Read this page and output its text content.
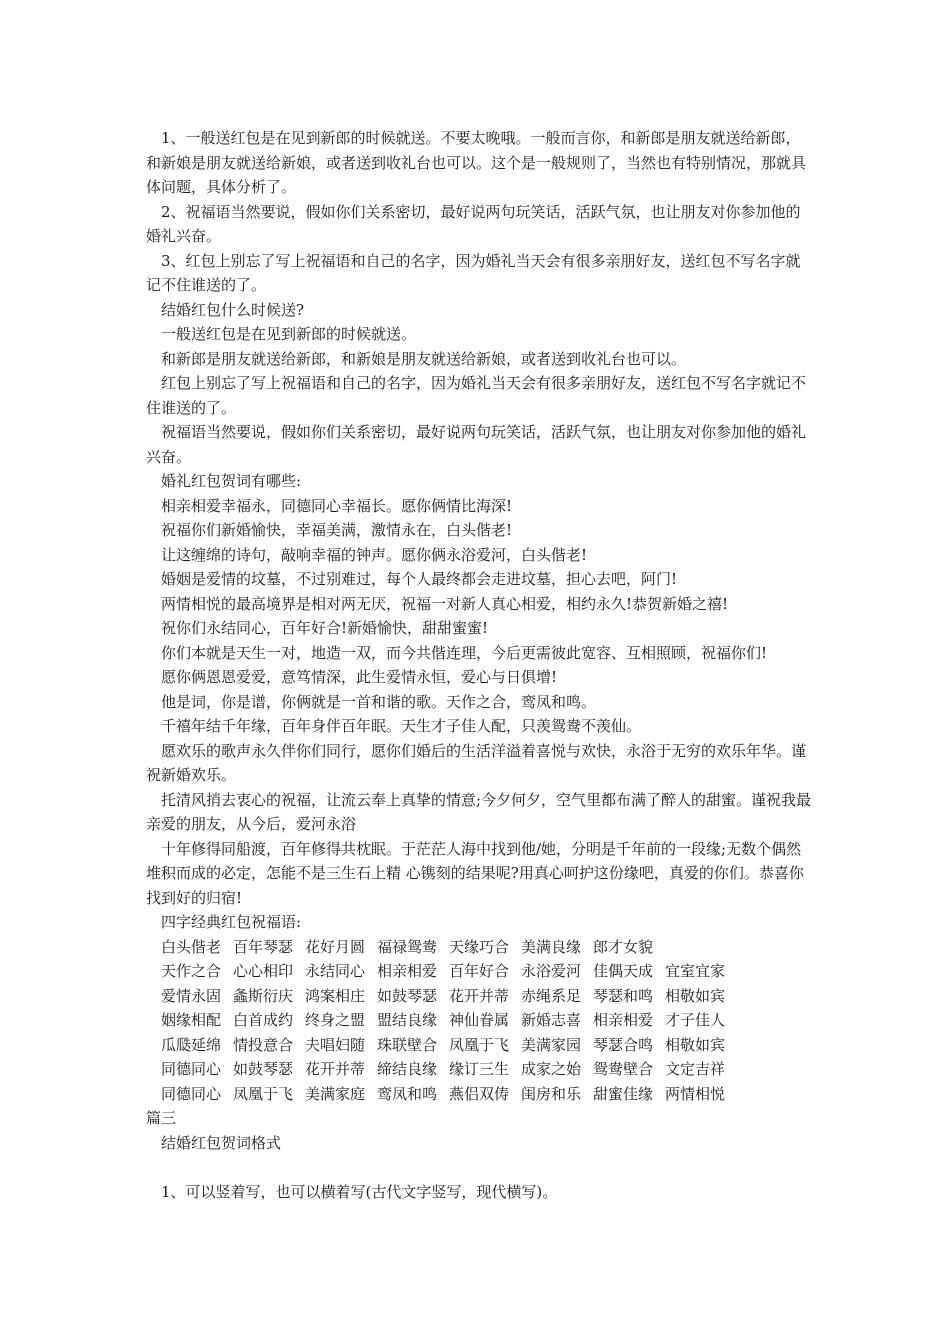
1、一般送红包是在见到新郎的时候就送。不要太晚哦。一般而言你，和新郎是朋友就送给新郎，和新娘是朋友就送给新娘，或者送到收礼台也可以。这个是一般规则了，当然也有特别情况，那就具体问题，具体分析了。

2、祝福语当然要说，假如你们关系密切，最好说两句玩笑话，活跃气氛，也让朋友对你参加他的婚礼兴奋。

3、红包上别忘了写上祝福语和自己的名字，因为婚礼当天会有很多亲朋好友，送红包不写名字就记不住谁送的了。

结婚红包什么时候送?

一般送红包是在见到新郎的时候就送。

和新郎是朋友就送给新郎，和新娘是朋友就送给新娘，或者送到收礼台也可以。

红包上别忘了写上祝福语和自己的名字，因为婚礼当天会有很多亲朋好友，送红包不写名字就记不住谁送的了。

祝福语当然要说，假如你们关系密切，最好说两句玩笑话，活跃气氛，也让朋友对你参加他的婚礼兴奋。

婚礼红包贺词有哪些:

相亲相爱幸福永，同德同心幸福长。愿你俩情比海深!

祝福你们新婚愉快，幸福美满，激情永在，白头偕老!

让这缠绵的诗句，敲响幸福的钟声。愿你俩永浴爱河，白头偕老!

婚姻是爱情的坟墓，不过别难过，每个人最终都会走进坟墓，担心去吧，阿门!

两情相悦的最高境界是相对两无厌，祝福一对新人真心相爱，相约永久!恭贺新婚之禧!

祝你们永结同心，百年好合!新婚愉快，甜甜蜜蜜!

你们本就是天生一对，地造一双，而今共偕连理，今后更需彼此宽容、互相照顾，祝福你们!

愿你俩恩恩爱爱，意笃情深，此生爱情永恒，爱心与日俱增!

他是词，你是谱，你俩就是一首和谐的歌。天作之合，鸾凤和鸣。

千禧年结千年缘，百年身伴百年眠。天生才子佳人配，只羡鸳鸯不羡仙。

愿欢乐的歌声永久伴你们同行，愿你们婚后的生活洋溢着喜悦与欢快，永浴于无穷的欢乐年华。谨祝新婚欢乐。

托清风捎去衷心的祝福，让流云奉上真挚的情意;今夕何夕，空气里都布满了醉人的甜蜜。谨祝我最亲爱的朋友，从今后，爱河永浴

十年修得同船渡，百年修得共枕眠。于茫茫人海中找到他/她，分明是千年前的一段缘;无数个偶然堆积而成的必定，怎能不是三生石上精 心镌刻的结果呢?用真心呵护这份缘吧，真爱的你们。恭喜你找到好的归宿!

四字经典红包祝福语:

白头偕老 百年琴瑟 花好月圆 福禄鸳鸯 天缘巧合 美满良缘 郎才女貌
天作之合 心心相印 永结同心 相亲相爱 百年好合 永浴爱河 佳偶天成 宜室宜家
爱情永固 螽斯衍庆 鸿案相庄 如鼓琴瑟 花开并蒂 赤绳系足 琴瑟和鸣 相敬如宾
姻缘相配 白首成约 终身之盟 盟结良缘 神仙眷属 新婚志喜 相亲相爱 才子佳人
瓜瓞延绵 情投意合 夫唱妇随 珠联壁合 凤凰于飞 美满家园 琴瑟合鸣 相敬如宾
同德同心 如鼓琴瑟 花开并蒂 缔结良缘 缘订三生 成家之始 鸳鸯壁合 文定吉祥
同德同心 凤凰于飞 美满家庭 鸾凤和鸣 燕侣双俦 闺房和乐 甜蜜佳缘 两情相悦

篇三

结婚红包贺词格式

1、可以竖着写，也可以横着写(古代文字竖写，现代横写)。
